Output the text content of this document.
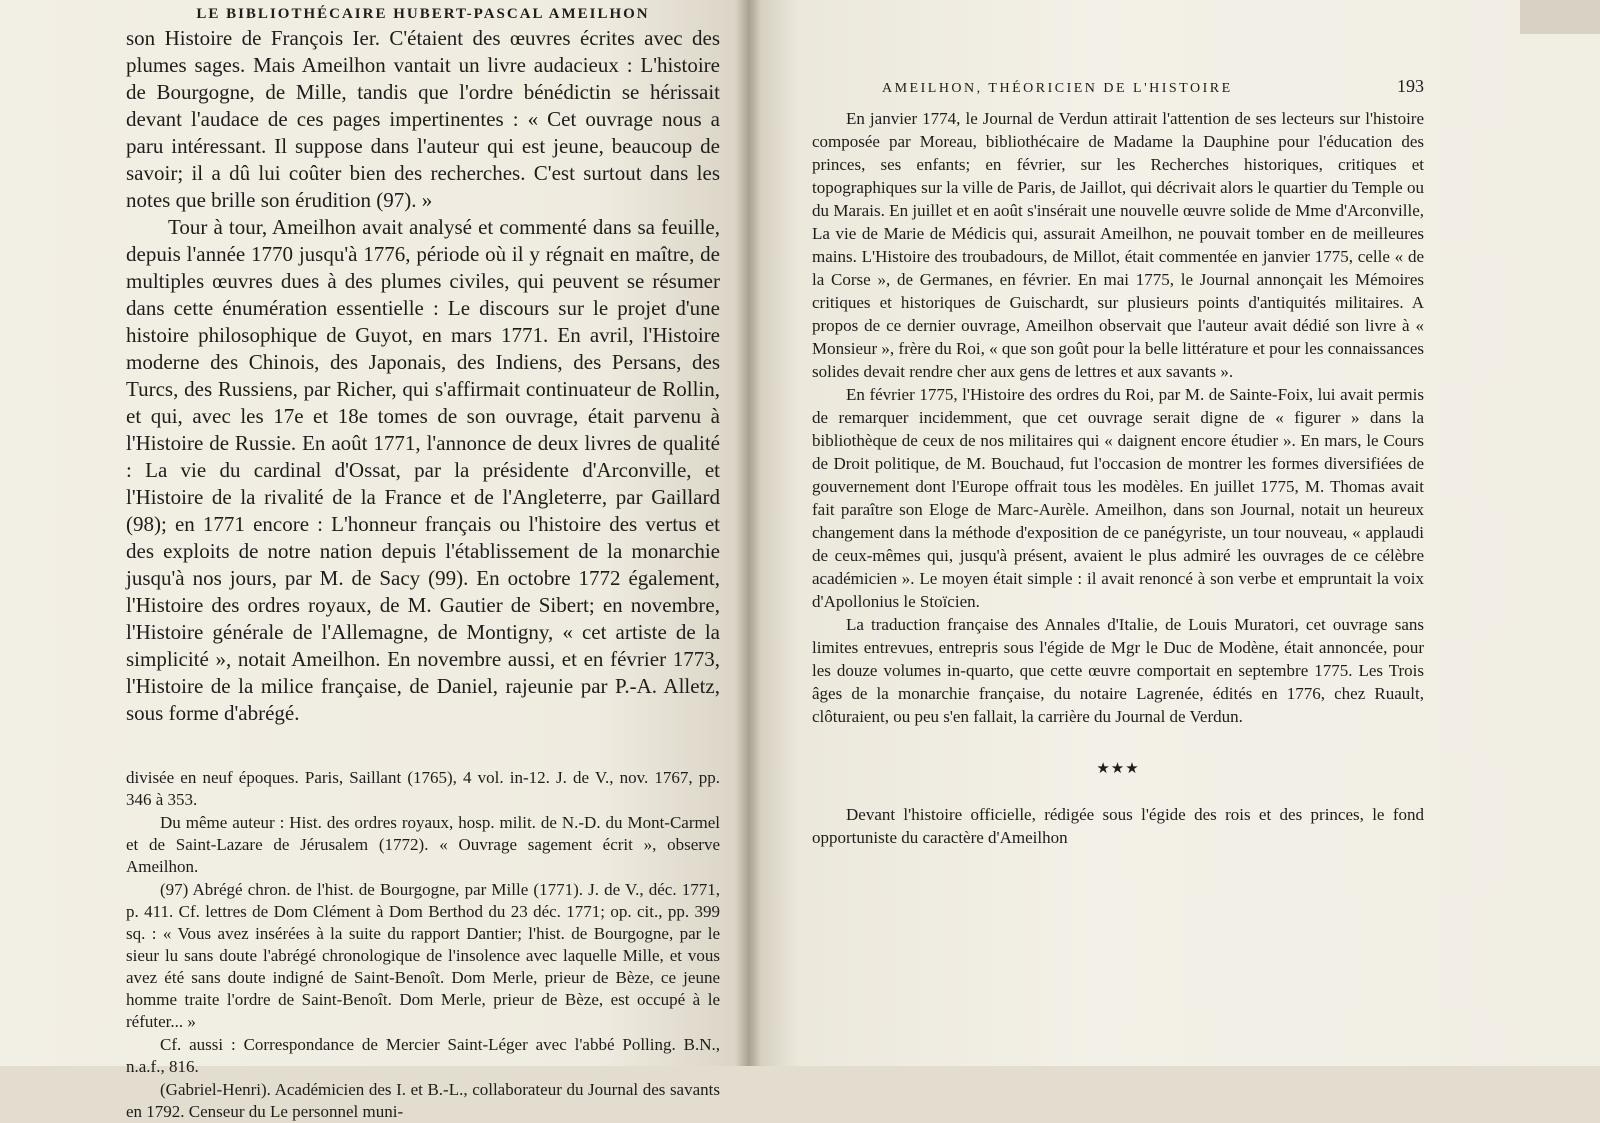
LE BIBLIOTHÉCAIRE HUBERT-PASCAL AMEILHON

son Histoire de François Ier. C'étaient des œuvres écrites avec des plumes sages. Mais Ameilhon vantait un livre audacieux : L'histoire de Bourgogne, de Mille, tandis que l'ordre bénédictin se hérissait devant l'audace de ces pages impertinentes : « Cet ouvrage nous a paru intéressant. Il suppose dans l'auteur qui est jeune, beaucoup de savoir; il a dû lui coûter bien des recherches. C'est surtout dans les notes que brille son érudition (97). »

Tour à tour, Ameilhon avait analysé et commenté dans sa feuille, depuis l'année 1770 jusqu'à 1776, période où il y régnait en maître, de multiples œuvres dues à des plumes civiles, qui peuvent se résumer dans cette énumération essentielle : Le discours sur le projet d'une histoire philosophique de Guyot, en mars 1771. En avril, l'Histoire moderne des Chinois, des Japonais, des Indiens, des Persans, des Turcs, des Russiens, par Richer, qui s'affirmait continuateur de Rollin, et qui, avec les 17e et 18e tomes de son ouvrage, était parvenu à l'Histoire de Russie. En août 1771, l'annonce de deux livres de qualité : La vie du cardinal d'Ossat, par la présidente d'Arconville, et l'Histoire de la rivalité de la France et de l'Angleterre, par Gaillard (98); en 1771 encore : L'honneur français ou l'histoire des vertus et des exploits de notre nation depuis l'établissement de la monarchie jusqu'à nos jours, par M. de Sacy (99). En octobre 1772 également, l'Histoire des ordres royaux, de M. Gautier de Sibert; en novembre, l'Histoire générale de l'Allemagne, de Montigny, « cet artiste de la simplicité », notait Ameilhon. En novembre aussi, et en février 1773, l'Histoire de la milice française, de Daniel, rajeunie par P.-A. Alletz, sous forme d'abrégé.

divisée en neuf époques. Paris, Saillant (1765), 4 vol. in-12. J. de V., nov. 1767, pp. 346 à 353.

Du même auteur : Hist. des ordres royaux, hosp. milit. de N.-D. du Mont-Carmel et de Saint-Lazare de Jérusalem (1772). « Ouvrage sagement écrit », observe Ameilhon.

(97) Abrégé chron. de l'hist. de Bourgogne, par Mille (1771). J. de V., déc. 1771, p. 411. Cf. lettres de Dom Clément à Dom Berthod du 23 déc. 1771; op. cit., pp. 399 sq. : « Vous avez insérées à la suite du rapport Dantier; l'hist. de Bourgogne, par le sieur lu sans doute l'abrégé chronologique de l'insolence avec laquelle Mille, et vous avez été sans doute indigné de Saint-Benoît. Dom Merle, prieur de Bèze, ce jeune homme traite l'ordre de Saint-Benoît. Dom Merle, prieur de Bèze, est occupé à le réfuter... »

Cf. aussi : Correspondance de Mercier Saint-Léger avec l'abbé Polling. B.N., n.a.f., 816.

(Gabriel-Henri). Académicien des I. et B.-L., collaborateur du Journal des savants en 1792. Censeur du Le personnel muni-

AMEILHON, THÉORICIEN DE L'HISTOIRE	193

En janvier 1774, le Journal de Verdun attirait l'attention de ses lecteurs sur l'histoire composée par Moreau, bibliothécaire de Madame la Dauphine pour l'éducation des princes, ses enfants; en février, sur les Recherches historiques, critiques et topographiques sur la ville de Paris, de Jaillot, qui décrivait alors le quartier du Temple ou du Marais. En juillet et en août s'insérait une nouvelle œuvre solide de Mme d'Arconville, La vie de Marie de Médicis qui, assurait Ameilhon, ne pouvait tomber en de meilleures mains. L'Histoire des troubadours, de Millot, était commentée en janvier 1775, celle « de la Corse », de Germanes, en février. En mai 1775, le Journal annonçait les Mémoires critiques et historiques de Guischardt, sur plusieurs points d'antiquités militaires. A propos de ce dernier ouvrage, Ameilhon observait que l'auteur avait dédié son livre à « Monsieur », frère du Roi, « que son goût pour la belle littérature et pour les connaissances solides devait rendre cher aux gens de lettres et aux savants ».

En février 1775, l'Histoire des ordres du Roi, par M. de Sainte-Foix, lui avait permis de remarquer incidemment, que cet ouvrage serait digne de « figurer » dans la bibliothèque de ceux de nos militaires qui « daignent encore étudier ». En mars, le Cours de Droit politique, de M. Bouchaud, fut l'occasion de montrer les formes diversifiées de gouvernement dont l'Europe offrait tous les modèles. En juillet 1775, M. Thomas avait fait paraître son Eloge de Marc-Aurèle. Ameilhon, dans son Journal, notait un heureux changement dans la méthode d'exposition de ce panégyriste, un tour nouveau, « applaudi de ceux-mêmes qui, jusqu'à présent, avaient le plus admiré les ouvrages de ce célèbre académicien ». Le moyen était simple : il avait renoncé à son verbe et empruntait la voix d'Apollonius le Stoïcien.

La traduction française des Annales d'Italie, de Louis Muratori, cet ouvrage sans limites entrevues, entrepris sous l'égide de Mgr le Duc de Modène, était annoncée, pour les douze volumes in-quarto, que cette œuvre comportait en septembre 1775. Les Trois âges de la monarchie française, du notaire Lagrenée, édités en 1776, chez Ruault, clôturaient, ou peu s'en fallait, la carrière du Journal de Verdun.

★★★

Devant l'histoire officielle, rédigée sous l'égide des rois et des princes, le fond opportuniste du caractère d'Ameilhon
